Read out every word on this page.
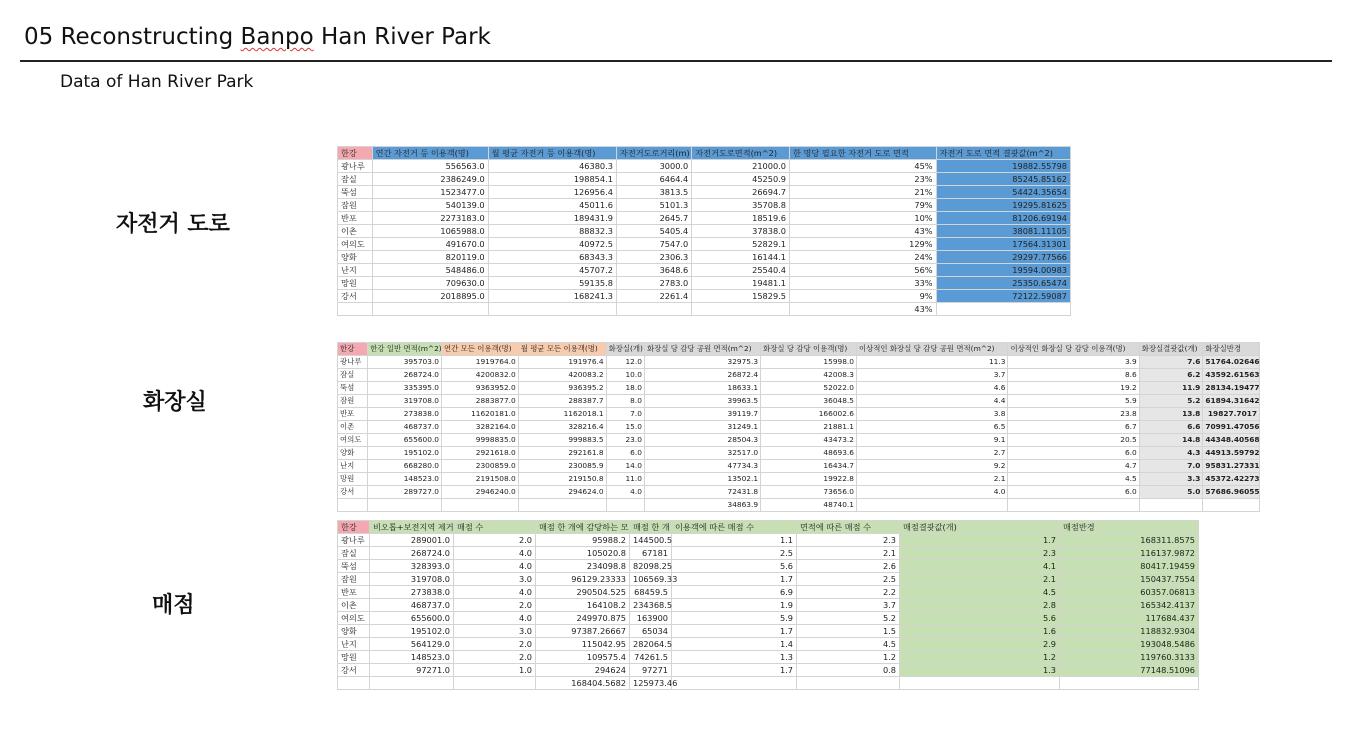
05 Reconstructing Banpo Han River Park
Data of Han River Park
자전거 도로
화장실
매점
한강	연간 자전거 등 이용객(명)	월 평균 자전거 등 이용객(명)	자전거도로거리(m)	자전거도로면적(m^2)	한 명당 필요한 자전거 도로 면적	자전거 도로 면적 결괏값(m^2)
광나루	556563.0	46380.3	3000.0	21000.0	45%	19882.55798
잠실	2386249.0	198854.1	6464.4	45250.9	23%	85245.85162
뚝섬	1523477.0	126956.4	3813.5	26694.7	21%	54424.35654
잠원	540139.0	45011.6	5101.3	35708.8	79%	19295.81625
반포	2273183.0	189431.9	2645.7	18519.6	10%	81206.69194
이촌	1065988.0	88832.3	5405.4	37838.0	43%	38081.11105
여의도	491670.0	40972.5	7547.0	52829.1	129%	17564.31301
양화	820119.0	68343.3	2306.3	16144.1	24%	29297.77566
난지	548486.0	45707.2	3648.6	25540.4	56%	19594.00983
망원	709630.0	59135.8	2783.0	19481.1	33%	25350.65474
강서	2018895.0	168241.3	2261.4	15829.5	9%	72122.59087
					43%	
한강	한강 일반 면적(m^2)	연간 모든 이용객(명)	월 평균 모든 이용객(명)	화장실(개)	화장실 당 감당 공원 면적(m^2)	화장실 당 감당 이용객(명)	이상적인 화장실 당 감당 공원 면적(m^2)	이상적인 화장실 당 감당 이용객(명)	화장실결괏값(개)	화장실반경
광나루	395703.0	1919764.0	191976.4	12.0	32975.3	15998.0	11.3	3.9	7.6	51764.02646
잠실	268724.0	4200832.0	420083.2	10.0	26872.4	42008.3	3.7	8.6	6.2	43592.61563
뚝섬	335395.0	9363952.0	936395.2	18.0	18633.1	52022.0	4.6	19.2	11.9	28134.19477
잠원	319708.0	2883877.0	288387.7	8.0	39963.5	36048.5	4.4	5.9	5.2	61894.31642
반포	273838.0	11620181.0	1162018.1	7.0	39119.7	166002.6	3.8	23.8	13.8	19827.7017
이촌	468737.0	3282164.0	328216.4	15.0	31249.1	21881.1	6.5	6.7	6.6	70991.47056
여의도	655600.0	9998835.0	999883.5	23.0	28504.3	43473.2	9.1	20.5	14.8	44348.40568
양화	195102.0	2921618.0	292161.8	6.0	32517.0	48693.6	2.7	6.0	4.3	44913.59792
난지	668280.0	2300859.0	230085.9	14.0	47734.3	16434.7	9.2	4.7	7.0	95831.27331
망원	148523.0	2191508.0	219150.8	11.0	13502.1	19922.8	2.1	4.5	3.3	45372.42273
강서	289727.0	2946240.0	294624.0	4.0	72431.8	73656.0	4.0	6.0	5.0	57686.96055
					34863.9	48740.1				
한강	비오톱+보전지역 제거	매점 수	매점 한 개에 감당하는 모	매점 한 개	이용객에 따른 매점 수	면적에 따른 매점 수	매점결괏값(개)	매점반경
광나루	289001.0	2.0	95988.2	144500.5	1.1	2.3	1.7	168311.8575
잠실	268724.0	4.0	105020.8	67181	2.5	2.1	2.3	116137.9872
뚝섬	328393.0	4.0	234098.8	82098.25	5.6	2.6	4.1	80417.19459
잠원	319708.0	3.0	96129.23333	106569.33	1.7	2.5	2.1	150437.7554
반포	273838.0	4.0	290504.525	68459.5	6.9	2.2	4.5	60357.06813
이촌	468737.0	2.0	164108.2	234368.5	1.9	3.7	2.8	165342.4137
여의도	655600.0	4.0	249970.875	163900	5.9	5.2	5.6	117684.437
양화	195102.0	3.0	97387.26667	65034	1.7	1.5	1.6	118832.9304
난지	564129.0	2.0	115042.95	282064.5	1.4	4.5	2.9	193048.5486
망원	148523.0	2.0	109575.4	74261.5	1.3	1.2	1.2	119760.3133
강서	97271.0	1.0	294624	97271	1.7	0.8	1.3	77148.51096
			168404.5682	125973.46				
